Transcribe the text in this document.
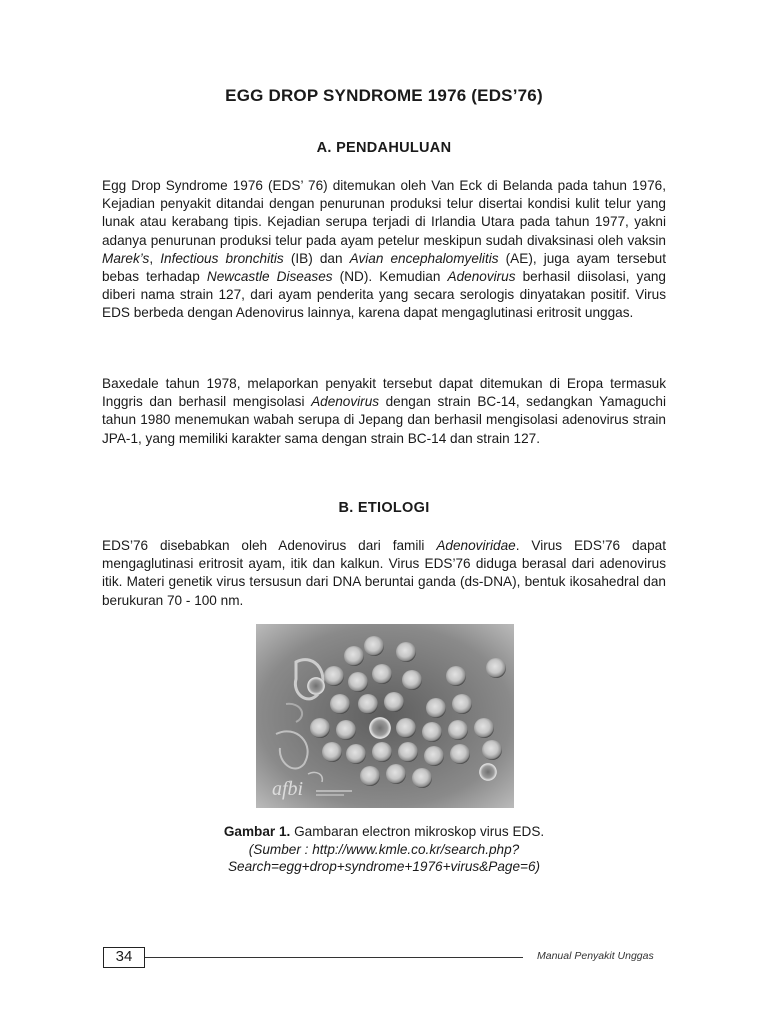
EGG DROP SYNDROME 1976 (EDS’76)
A. PENDAHULUAN

Egg Drop Syndrome 1976 (EDS’ 76) ditemukan oleh Van Eck di Belanda pada tahun 1976, Kejadian penyakit ditandai dengan penurunan produksi telur disertai kondisi kulit telur yang lunak atau kerabang tipis. Kejadian serupa terjadi di Irlandia Utara pada tahun 1977, yakni adanya penurunan produksi telur pada ayam petelur meskipun sudah divaksinasi oleh vaksin Marek’s, Infectious bronchitis (IB) dan Avian encephalomyelitis (AE), juga ayam tersebut bebas terhadap Newcastle Diseases (ND). Kemudian Adenovirus berhasil diisolasi, yang diberi nama strain 127, dari ayam penderita yang secara serologis dinyatakan positif. Virus EDS berbeda dengan Adenovirus lainnya, karena dapat mengaglutinasi eritrosit unggas.

Baxedale tahun 1978, melaporkan penyakit tersebut dapat ditemukan di Eropa termasuk Inggris dan berhasil mengisolasi Adenovirus dengan strain BC-14, sedangkan Yamaguchi tahun 1980 menemukan wabah serupa di Jepang dan berhasil mengisolasi adenovirus strain JPA-1, yang memiliki karakter sama dengan strain BC-14 dan strain 127.

B. ETIOLOGI

EDS’76 disebabkan oleh Adenovirus dari famili Adenoviridae. Virus EDS’76 dapat mengaglutinasi eritrosit ayam, itik dan kalkun. Virus EDS’76 diduga berasal dari adenovirus itik. Materi genetik virus tersusun dari DNA beruntai ganda (ds-DNA), bentuk ikosahedral dan berukuran 70 - 100 nm.

afbi

Gambar 1. Gambaran electron mikroskop virus EDS.
(Sumber : http://www.kmle.co.kr/search.php?Search=egg+drop+syndrome+1976+virus&Page=6)

34	Manual Penyakit Unggas
